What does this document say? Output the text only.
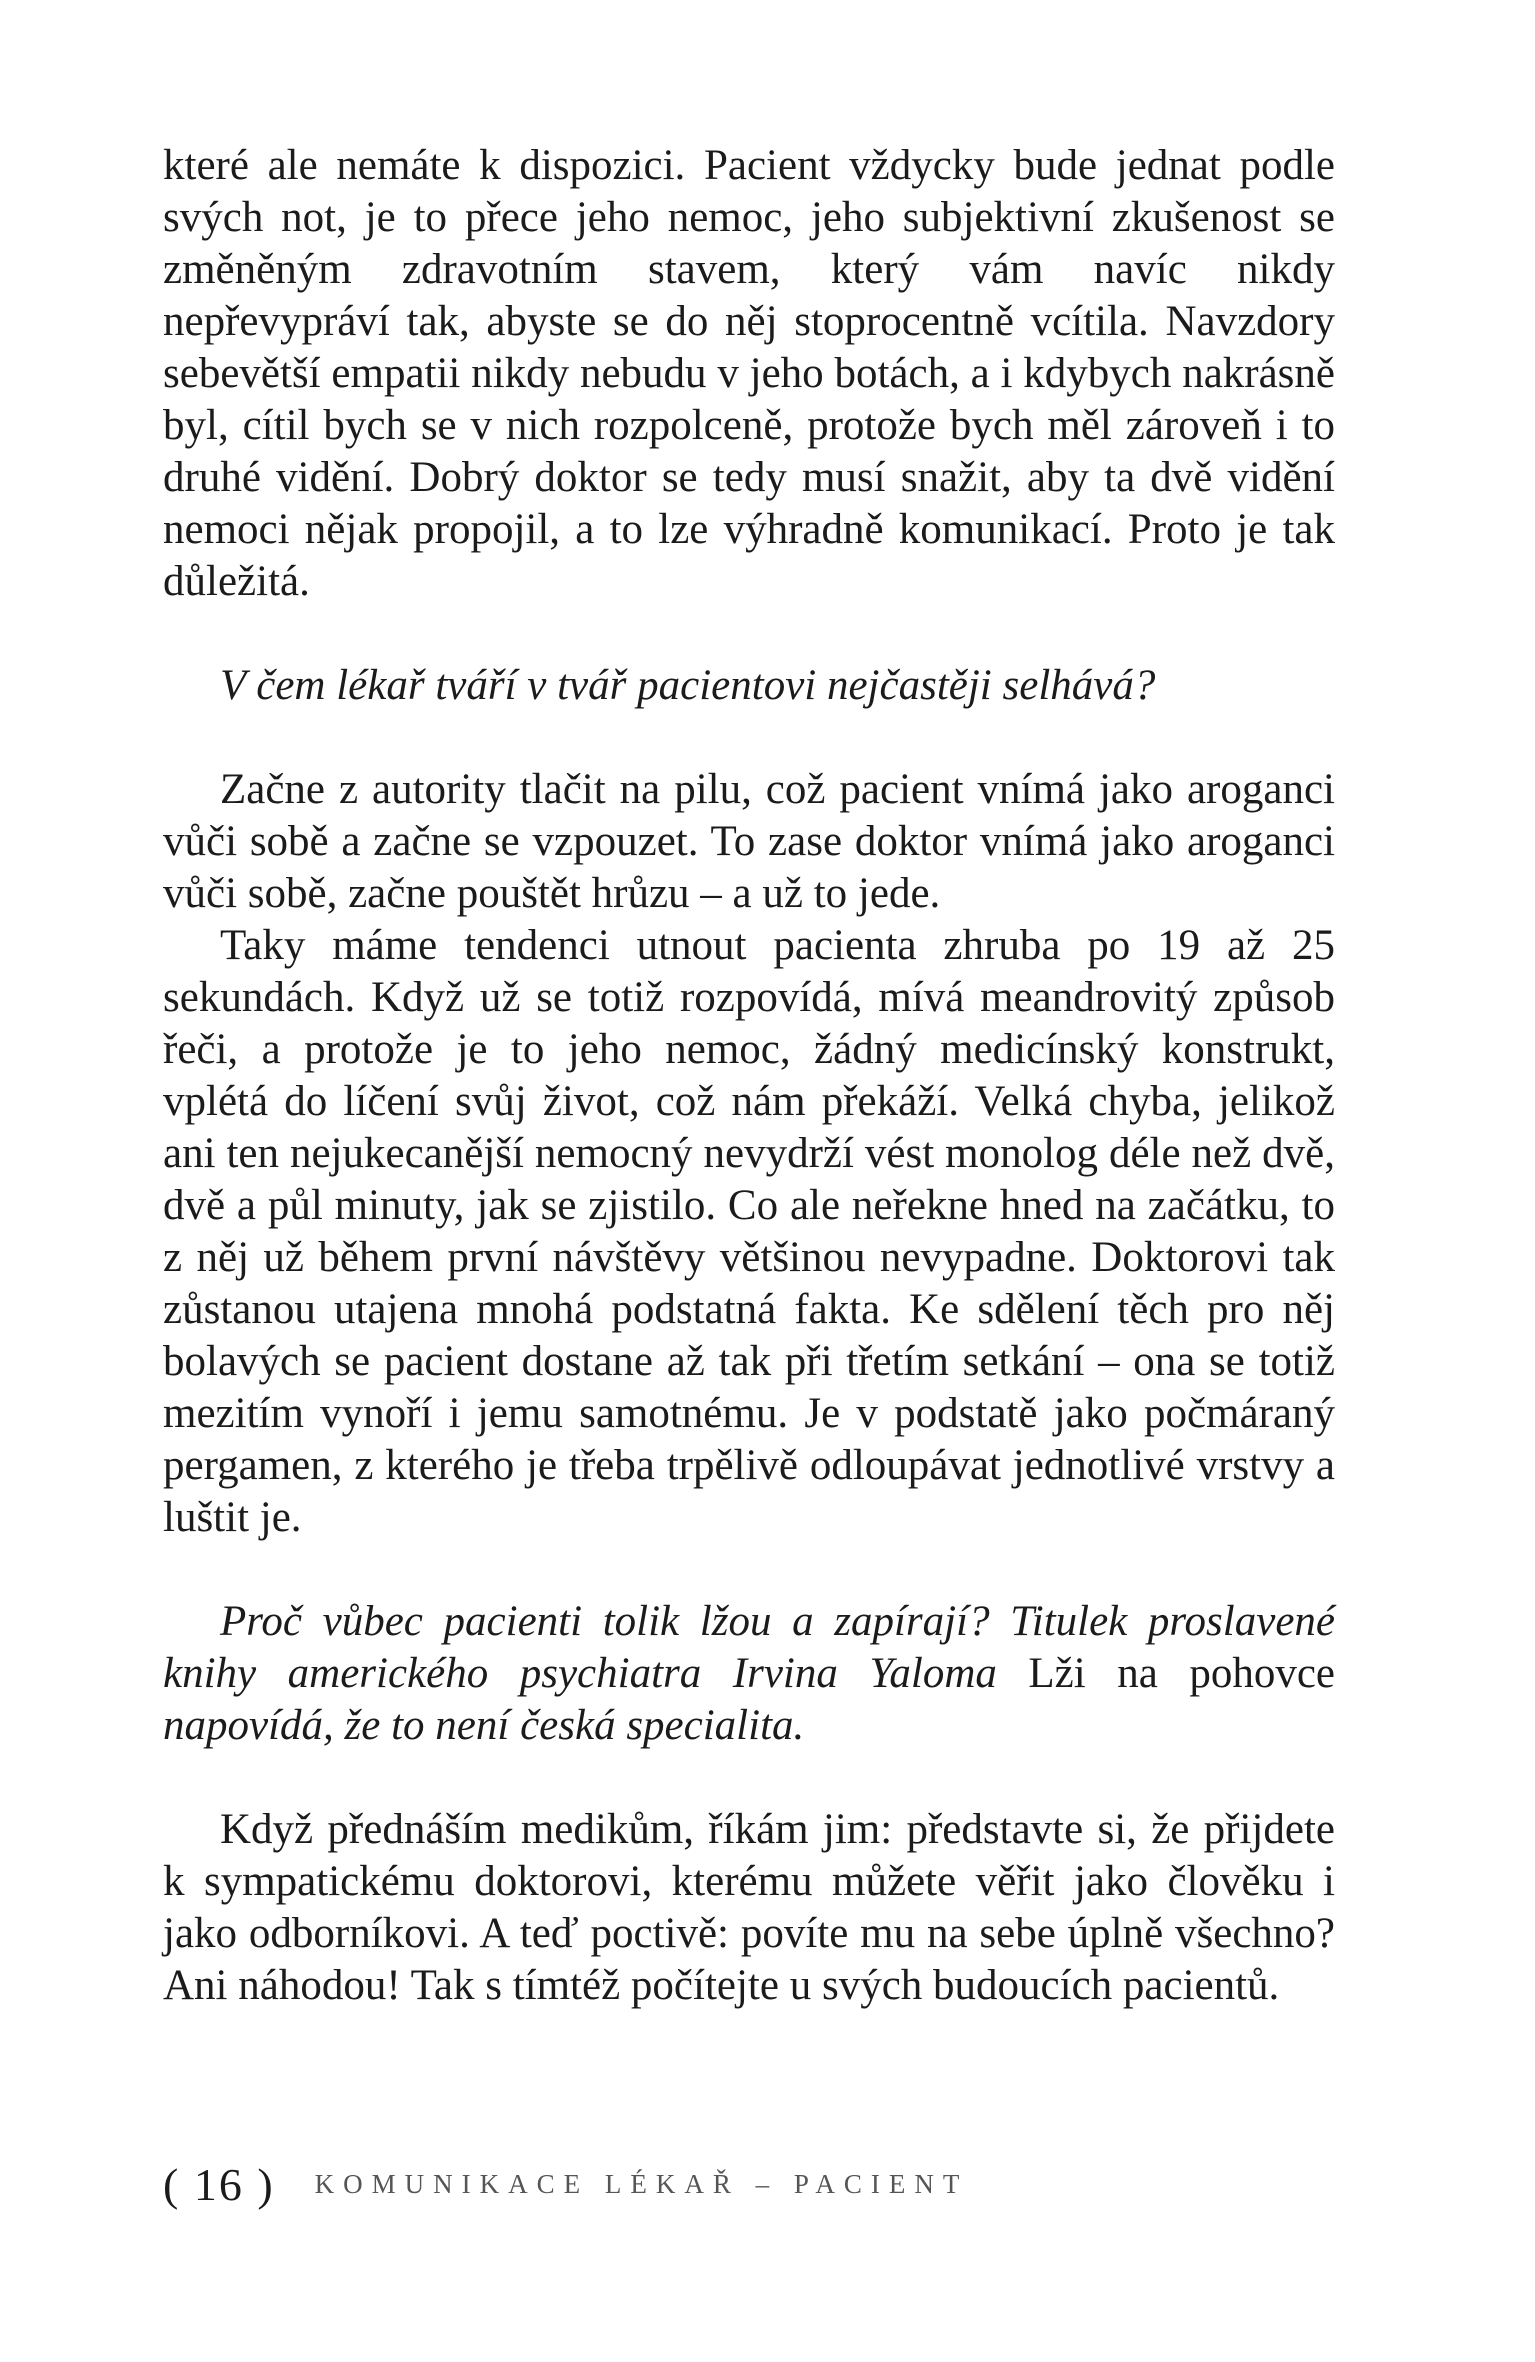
které ale nemáte k dispozici. Pacient vždycky bude jednat podle svých not, je to přece jeho nemoc, jeho subjektivní zkušenost se změněným zdravotním stavem, který vám navíc nikdy nepřevypráví tak, abyste se do něj stoprocentně vcítila. Navzdory sebevětší empatii nikdy nebudu v jeho botách, a i kdybych nakrásně byl, cítil bych se v nich rozpolceně, protože bych měl zároveň i to druhé vidění. Dobrý doktor se tedy musí snažit, aby ta dvě vidění nemoci nějak propojil, a to lze výhradně komunikací. Proto je tak důležitá.

V čem lékař tváří v tvář pacientovi nejčastěji selhává?

Začne z autority tlačit na pilu, což pacient vnímá jako aroganci vůči sobě a začne se vzpouzet. To zase doktor vnímá jako aroganci vůči sobě, začne pouštět hrůzu – a už to jede.

Taky máme tendenci utnout pacienta zhruba po 19 až 25 sekundách. Když už se totiž rozpovídá, mívá meandrovitý způsob řeči, a protože je to jeho nemoc, žádný medicínský konstrukt, vplétá do líčení svůj život, což nám překáží. Velká chyba, jelikož ani ten nejukecanější nemocný nevydrží vést monolog déle než dvě, dvě a půl minuty, jak se zjistilo. Co ale neřekne hned na začátku, to z něj už během první návštěvy většinou nevypadne. Doktorovi tak zůstanou utajena mnohá podstatná fakta. Ke sdělení těch pro něj bolavých se pacient dostane až tak při třetím setkání – ona se totiž mezitím vynoří i jemu samotnému. Je v podstatě jako počmáraný pergamen, z kterého je třeba trpělivě odloupávat jednotlivé vrstvy a luštit je.

Proč vůbec pacienti tolik lžou a zapírají? Titulek proslavené knihy amerického psychiatra Irvina Yaloma Lži na pohovce napovídá, že to není česká specialita.

Když přednáším medikům, říkám jim: představte si, že přijdete k sympatickému doktorovi, kterému můžete věřit jako člověku i jako odborníkovi. A teď poctivě: povíte mu na sebe úplně všechno? Ani náhodou! Tak s tímtéž počítejte u svých budoucích pacientů.

( 16 ) KOMUNIKACE LÉKAŘ – PACIENT
